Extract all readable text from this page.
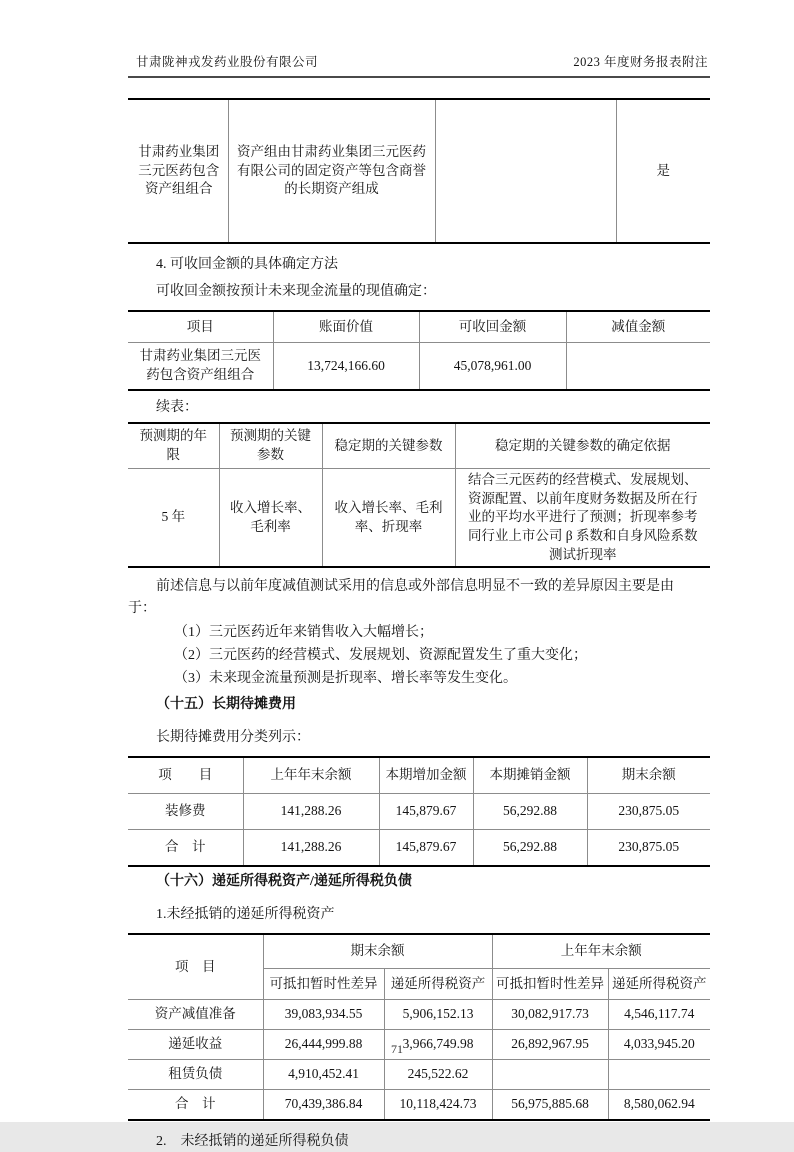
甘肃陇神戎发药业股份有限公司	2023 年度财务报表附注
甘肃药业集团三元医药包含资产组组合	资产组由甘肃药业集团三元医药有限公司的固定资产等包含商誉的长期资产组成		是
4. 可收回金额的具体确定方法
可收回金额按预计未来现金流量的现值确定：
项目	账面价值	可收回金额	减值金额
甘肃药业集团三元医药包含资产组组合	13,724,166.60	45,078,961.00	
续表：
预测期的年限	预测期的关键参数	稳定期的关键参数	稳定期的关键参数的确定依据
5 年	收入增长率、毛利率	收入增长率、毛利率、折现率	结合三元医药的经营模式、发展规划、资源配置、以前年度财务数据及所在行业的平均水平进行了预测；折现率参考同行业上市公司 β 系数和自身风险系数测试折现率
前述信息与以前年度减值测试采用的信息或外部信息明显不一致的差异原因主要是由
于：
（1）三元医药近年来销售收入大幅增长；
（2）三元医药的经营模式、发展规划、资源配置发生了重大变化；
（3）未来现金流量预测是折现率、增长率等发生变化。
（十五）长期待摊费用
长期待摊费用分类列示：
项　　目	上年年末余额	本期增加金额	本期摊销金额	期末余额
装修费	141,288.26	145,879.67	56,292.88	230,875.05
合　计	141,288.26	145,879.67	56,292.88	230,875.05
（十六）递延所得税资产/递延所得税负债
1.未经抵销的递延所得税资产
项　目	期末余额		上年年末余额	
	可抵扣暂时性差异	递延所得税资产	可抵扣暂时性差异	递延所得税资产
资产减值准备	39,083,934.55	5,906,152.13	30,082,917.73	4,546,117.74
递延收益	26,444,999.88	3,966,749.98	26,892,967.95	4,033,945.20
租赁负债	4,910,452.41	245,522.62		
合　计	70,439,386.84	10,118,424.73	56,975,885.68	8,580,062.94
2.　未经抵销的递延所得税负债
71
